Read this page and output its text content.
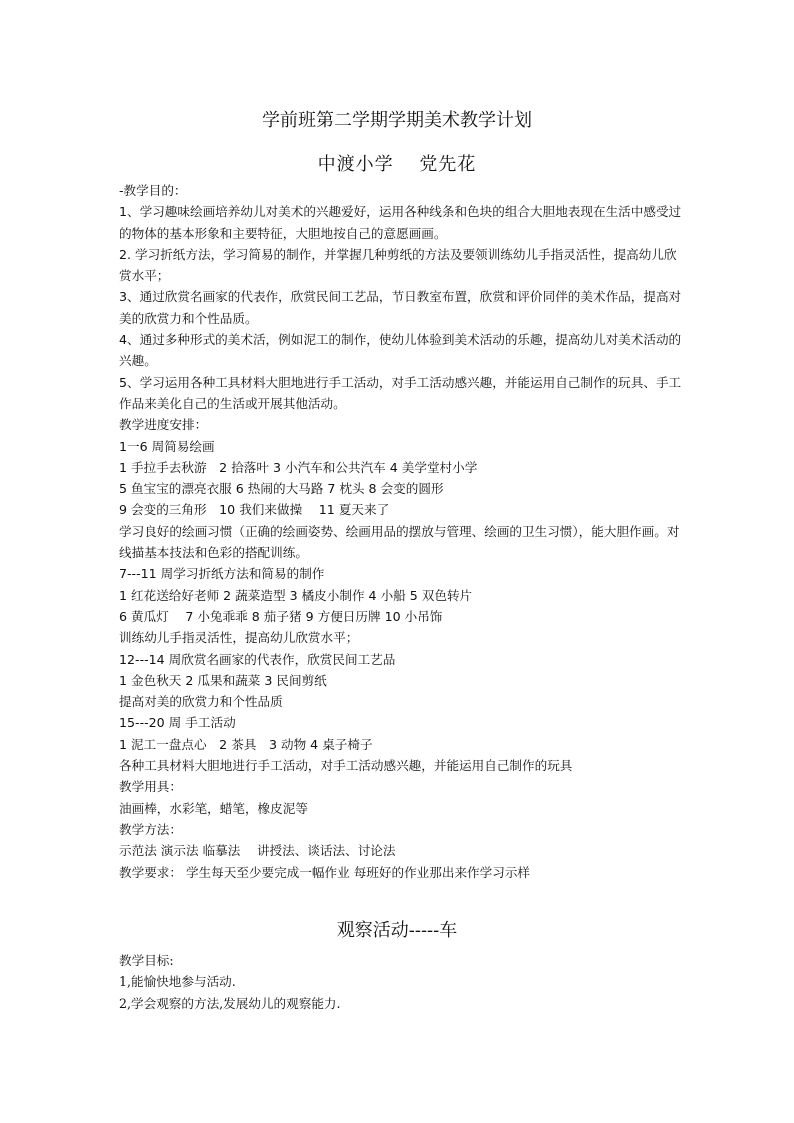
学前班第二学期学期美术教学计划
中渡小学　 党先花

-教学目的：

1、学习趣味绘画培养幼儿对美术的兴趣爱好，运用各种线条和色块的组合大胆地表现在生活中感受过的物体的基本形象和主要特征，大胆地按自己的意愿画画。

2. 学习折纸方法，学习简易的制作，并掌握几种剪纸的方法及要领训练幼儿手指灵活性，提高幼儿欣赏水平；

3、通过欣赏名画家的代表作，欣赏民间工艺品，节日教室布置，欣赏和评价同伴的美术作品，提高对美的欣赏力和个性品质。

4、通过多种形式的美术活，例如泥工的制作，使幼儿体验到美术活动的乐趣，提高幼儿对美术活动的兴趣。

5、学习运用各种工具材料大胆地进行手工活动，对手工活动感兴趣，并能运用自己制作的玩具、手工作品来美化自己的生活或开展其他活动。

教学进度安排：

1一6 周简易绘画

1 手拉手去秋游　2 拾落叶 3 小汽车和公共汽车 4 美学堂村小学

5 鱼宝宝的漂亮衣服 6 热闹的大马路 7 枕头 8 会变的圆形

9 会变的三角形　10 我们来做操　 11 夏天来了

学习良好的绘画习惯（正确的绘画姿势、绘画用品的摆放与管理、绘画的卫生习惯），能大胆作画。对线描基本技法和色彩的搭配训练。

7---11 周学习折纸方法和简易的制作

1 红花送给好老师 2 蔬菜造型 3 橘皮小制作 4 小船 5 双色转片

6 黄瓜灯　 7 小兔乖乖 8 茄子猪 9 方便日历牌 10 小吊饰

训练幼儿手指灵活性，提高幼儿欣赏水平；

12---14 周欣赏名画家的代表作，欣赏民间工艺品

1 金色秋天 2 瓜果和蔬菜 3 民间剪纸

提高对美的欣赏力和个性品质

15---20 周 手工活动

1 泥工一盘点心　2 茶具　3 动物 4 桌子椅子

各种工具材料大胆地进行手工活动，对手工活动感兴趣，并能运用自己制作的玩具

教学用具：

油画棒，水彩笔，蜡笔，橡皮泥等

教学方法：

示范法 演示法 临摹法　 讲授法、谈话法、讨论法

教学要求： 学生每天至少要完成一幅作业 每班好的作业那出来作学习示样

观察活动-----车

教学目标:

1,能愉快地参与活动.

2,学会观察的方法,发展幼儿的观察能力.
